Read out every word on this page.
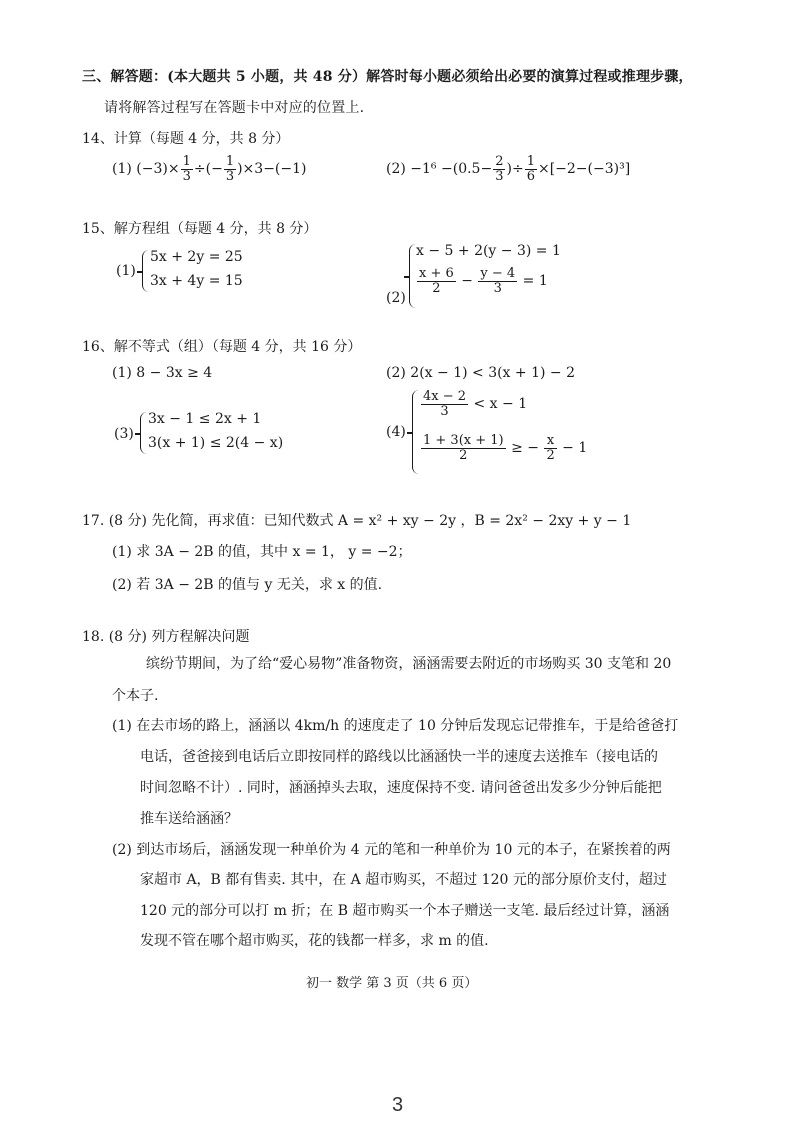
三、解答题：(本大题共 5 小题，共 48 分）解答时每小题必须给出必要的演算过程或推理步骤，
请将解答过程写在答题卡中对应的位置上.
14、计算（每题 4 分，共 8 分）
(1) $(-3)\times \frac{1}{3}$ ÷(− $\frac{1}{3} )\times 3-(-1)$	$(2) -1^6 -(0.5- \frac{2}{3}$ )÷ $\frac{1}{6} \times[-2-(-3)^3]$
15、解方程组（每题 4 分，共 8 分）
(1)
5x + 2y = 25
3x + 4y = 15
(2)
x − 5 + 2(y − 3) = 1
$\frac{x + 6}{2} - \frac{y - 4}{3} = 1$
16、解不等式（组）（每题 4 分，共 16 分）
(1) 8 − 3x ≥ 4	(2) 2(x − 1) < 3(x + 1) − 2
(3)
3x − 1 ≤ 2x + 1
3(x + 1) ≤ 2(4 − x)
(4)
$\frac{4x - 2}{3} < x - 1$
$\frac{1 + 3(x + 1)}{2}$ ≥ − $\frac{x}{2} - 1$
17. (8 分) 先化简，再求值：已知代数式 A = x² + xy − 2y ，B = 2x² − 2xy + y − 1
(1) 求 3A − 2B 的值，其中 x = 1， y = −2；
(2) 若 3A − 2B 的值与 y 无关，求 x 的值.
18. (8 分) 列方程解决问题
缤纷节期间，为了给“爱心易物”准备物资，涵涵需要去附近的市场购买 30 支笔和 20
个本子.
(1) 在去市场的路上，涵涵以 4km/h 的速度走了 10 分钟后发现忘记带推车，于是给爸爸打
电话，爸爸接到电话后立即按同样的路线以比涵涵快一半的速度去送推车（接电话的
时间忽略不计）. 同时，涵涵掉头去取，速度保持不变. 请问爸爸出发多少分钟后能把
推车送给涵涵？
(2) 到达市场后，涵涵发现一种单价为 4 元的笔和一种单价为 10 元的本子，在紧挨着的两
家超市 A，B 都有售卖. 其中，在 A 超市购买，不超过 120 元的部分原价支付，超过
120 元的部分可以打 m 折；在 B 超市购买一个本子赠送一支笔. 最后经过计算，涵涵
发现不管在哪个超市购买，花的钱都一样多，求 m 的值.
初一 数学 第 3 页（共 6 页）
3
